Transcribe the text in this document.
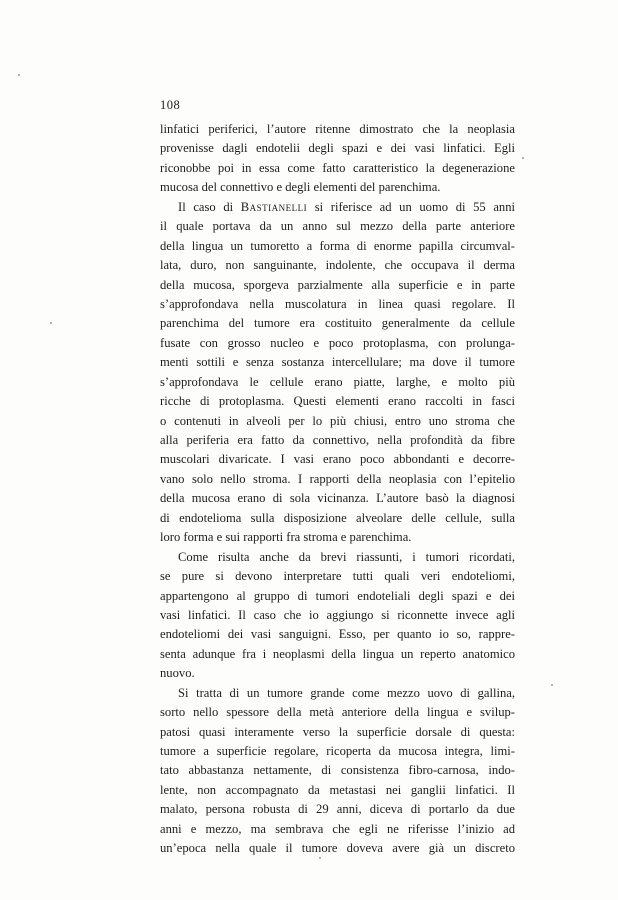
108
linfatici periferici, l’autore ritenne dimostrato che la neoplasia
provenisse dagli endotelii degli spazi e dei vasi linfatici. Egli
riconobbe poi in essa come fatto caratteristico la degenerazione
mucosa del connettivo e degli elementi del parenchima.
Il caso di Bastianelli si riferisce ad un uomo di 55 anni
il quale portava da un anno sul mezzo della parte anteriore
della lingua un tumoretto a forma di enorme papilla circumval-
lata, duro, non sanguinante, indolente, che occupava il derma
della mucosa, sporgeva parzialmente alla superficie e in parte
s’approfondava nella muscolatura in linea quasi regolare. Il
parenchima del tumore era costituito generalmente da cellule
fusate con grosso nucleo e poco protoplasma, con prolunga-
menti sottili e senza sostanza intercellulare; ma dove il tumore
s’approfondava le cellule erano piatte, larghe, e molto più
ricche di protoplasma. Questi elementi erano raccolti in fasci
o contenuti in alveoli per lo più chiusi, entro uno stroma che
alla periferia era fatto da connettivo, nella profondità da fibre
muscolari divaricate. I vasi erano poco abbondanti e decorre-
vano solo nello stroma. I rapporti della neoplasia con l’epitelio
della mucosa erano di sola vicinanza. L’autore basò la diagnosi
di endotelioma sulla disposizione alveolare delle cellule, sulla
loro forma e sui rapporti fra stroma e parenchima.
Come risulta anche da brevi riassunti, i tumori ricordati,
se pure si devono interpretare tutti quali veri endoteliomi,
appartengono al gruppo di tumori endoteliali degli spazi e dei
vasi linfatici. Il caso che io aggiungo si riconnette invece agli
endoteliomi dei vasi sanguigni. Esso, per quanto io so, rappre-
senta adunque fra i neoplasmi della lingua un reperto anatomico
nuovo.
Si tratta di un tumore grande come mezzo uovo di gallina,
sorto nello spessore della metà anteriore della lingua e svilup-
patosi quasi interamente verso la superficie dorsale di questa:
tumore a superficie regolare, ricoperta da mucosa integra, limi-
tato abbastanza nettamente, di consistenza fibro-carnosa, indo-
lente, non accompagnato da metastasi nei ganglii linfatici. Il
malato, persona robusta di 29 anni, diceva di portarlo da due
anni e mezzo, ma sembrava che egli ne riferisse l’inizio ad
un’epoca nella quale il tumore doveva avere già un discreto
